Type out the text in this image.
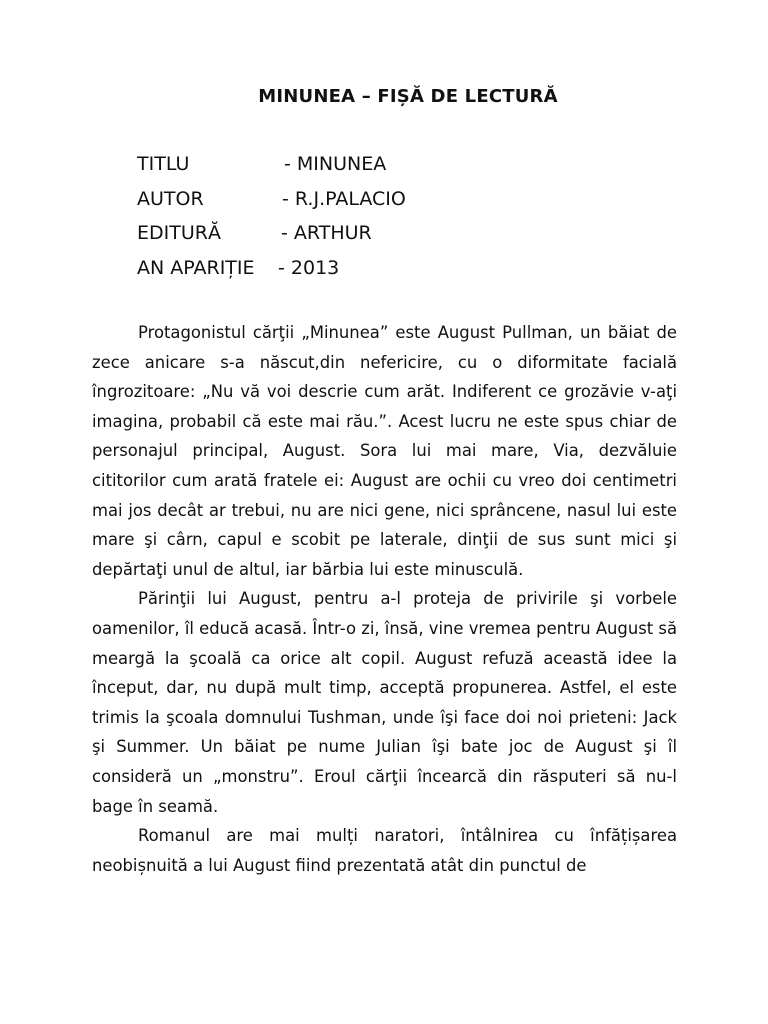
MINUNEA – FIȘĂ DE LECTURĂ
TITLU	- MINUNEA
AUTOR	- R.J.PALACIO
EDITURĂ	- ARTHUR
AN APARIȚIE - 2013

Protagonistul cărţii „Minunea” este August Pullman, un băiat de zece anicare s-a născut,din nefericire, cu o diformitate facială îngrozitoare: „Nu vă voi descrie cum arăt. Indiferent ce grozăvie v-aţi imagina, probabil că este mai rău.”. Acest lucru ne este spus chiar de personajul principal, August. Sora lui mai mare, Via, dezvăluie cititorilor cum arată fratele ei: August are ochii cu vreo doi centimetri mai jos decât ar trebui, nu are nici gene, nici sprâncene, nasul lui este mare şi cârn, capul e scobit pe laterale, dinţii de sus sunt mici şi depărtaţi unul de altul, iar bărbia lui este minusculă.

Părinţii lui August, pentru a-l proteja de privirile şi vorbele oamenilor, îl educă acasă. Într-o zi, însă, vine vremea pentru August să meargă la şcoală ca orice alt copil. August refuză această idee la început, dar, nu după mult timp, acceptă propunerea. Astfel, el este trimis la şcoala domnului Tushman, unde îşi face doi noi prieteni: Jack şi Summer. Un băiat pe nume Julian îşi bate joc de August şi îl consideră un „monstru”. Eroul cărţii încearcă din răsputeri să nu-l bage în seamă.

Romanul are mai mulți naratori, întâlnirea cu înfățișarea neobișnuită a lui August fiind prezentată atât din punctul de
